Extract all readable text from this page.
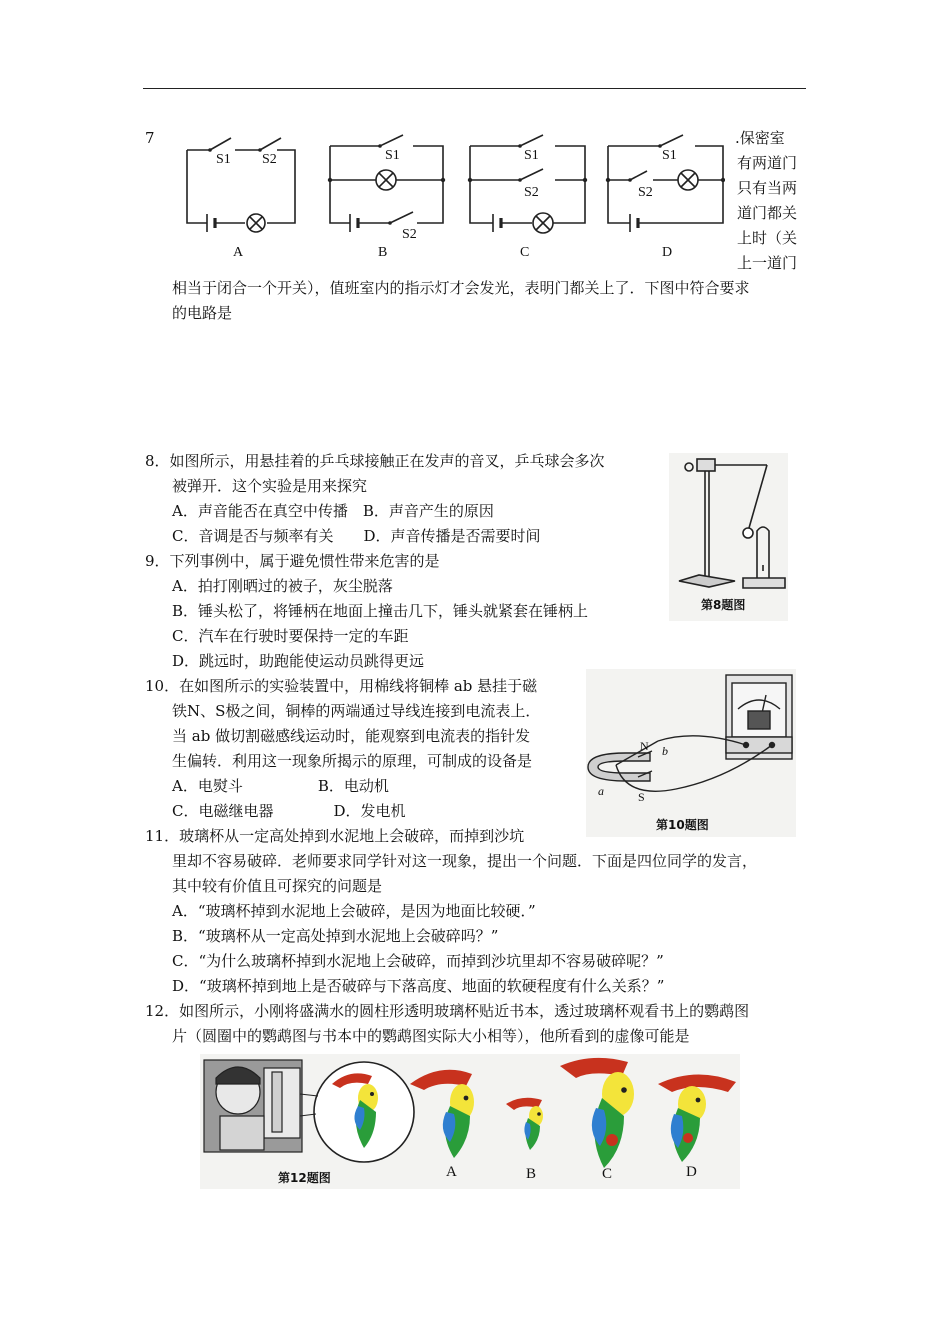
7
S1 S2	S1
S2
S1
S2
S1
S2
A	B	C	D
.保密室
有两道门
只有当两
道门都关
上时（关
上一道门
相当于闭合一个开关），值班室内的指示灯才会发光，表明门都关上了．下图中符合要求
的电路是
8．如图所示，用悬挂着的乒乓球接触正在发声的音叉，乒乓球会多次
被弹开．这个实验是用来探究
A．声音能否在真空中传播　B．声音产生的原因
C．音调是否与频率有关　　D．声音传播是否需要时间
第8题图
9．下列事例中，属于避免惯性带来危害的是
A．拍打刚晒过的被子，灰尘脱落
B．锤头松了，将锤柄在地面上撞击几下，锤头就紧套在锤柄上
C．汽车在行驶时要保持一定的车距
D．跳远时，助跑能使运动员跳得更远
10．在如图所示的实验装置中，用棉线将铜棒 ab 悬挂于磁
铁N、S极之间，铜棒的两端通过导线连接到电流表上．
当 ab 做切割磁感线运动时，能观察到电流表的指针发
生偏转．利用这一现象所揭示的原理，可制成的设备是
A．电熨斗　　　　　B．电动机
C．电磁继电器　　　　D．发电机
N
S
a
b
第10题图
11．玻璃杯从一定高处掉到水泥地上会破碎，而掉到沙坑
里却不容易破碎．老师要求同学针对这一现象，提出一个问题．下面是四位同学的发言，
其中较有价值且可探究的问题是
A．“玻璃杯掉到水泥地上会破碎，是因为地面比较硬．”
B．“玻璃杯从一定高处掉到水泥地上会破碎吗？”
C．“为什么玻璃杯掉到水泥地上会破碎，而掉到沙坑里却不容易破碎呢？”
D．“玻璃杯掉到地上是否破碎与下落高度、地面的软硬程度有什么关系？”
12．如图所示，小刚将盛满水的圆柱形透明玻璃杯贴近书本，透过玻璃杯观看书上的鹦鹉图
片（圆圈中的鹦鹉图与书本中的鹦鹉图实际大小相等），他所看到的虚像可能是
第12题图	A	B	C	D
